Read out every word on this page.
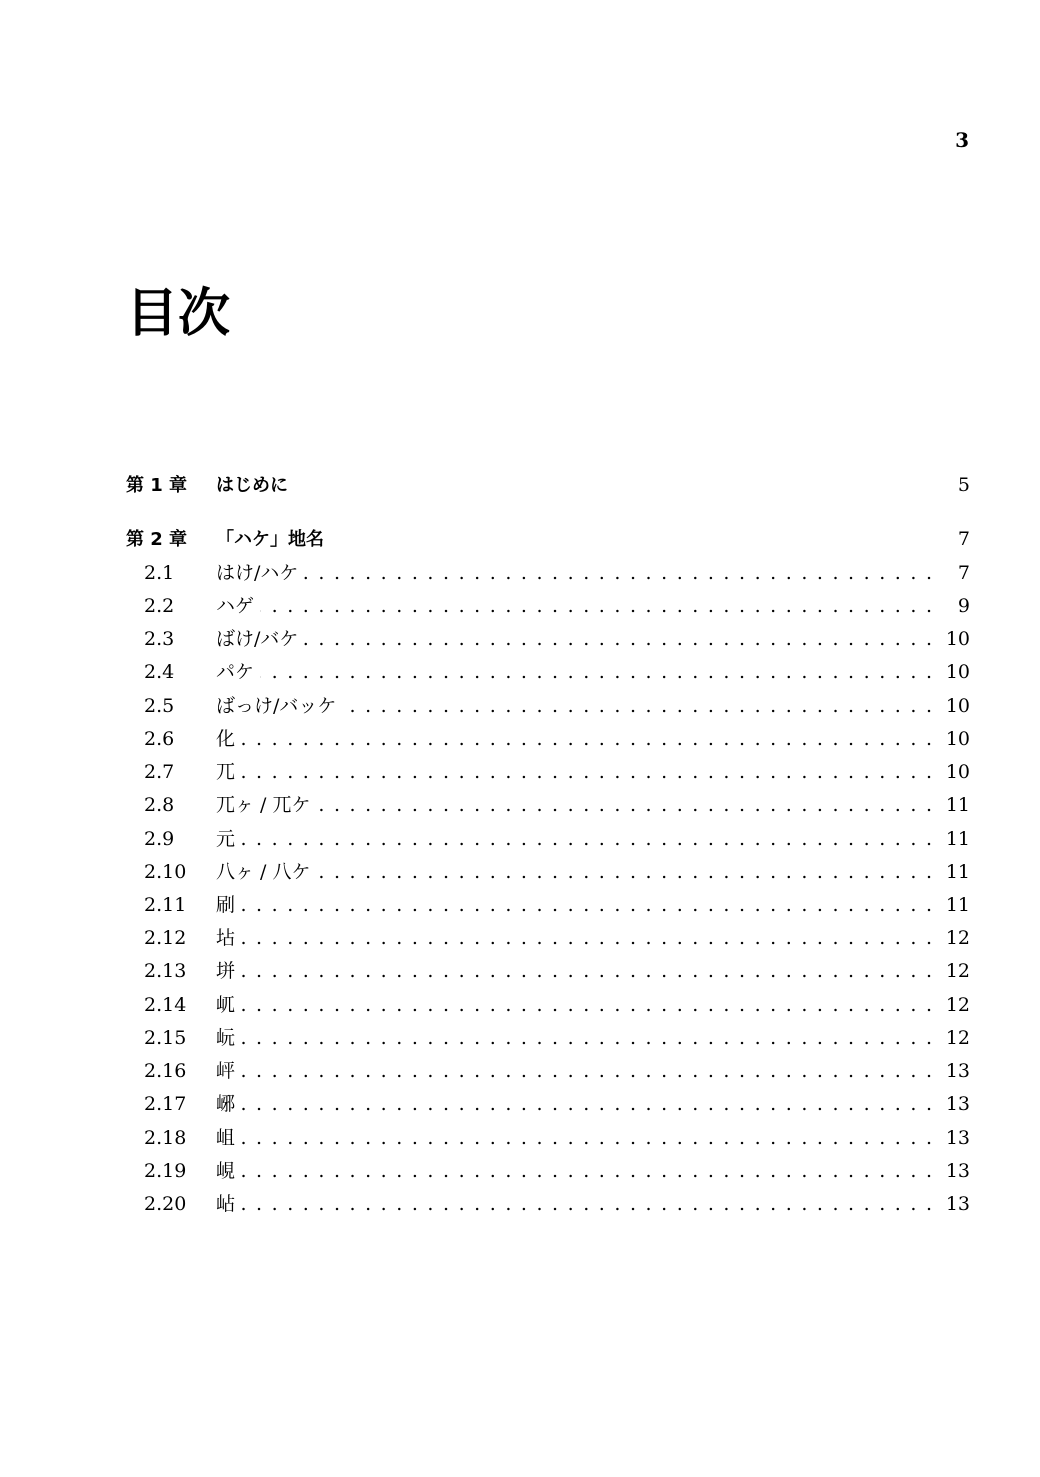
3
目次
第 1 章	はじめに	5
第 2 章	「ハケ」地名	7
2.1	はけ/ハケ . . .	7
2.2	ハゲ . . .	9
2.3	ばけ/バケ . . .	10
2.4	パケ . . .	10
2.5	ばっけ/バッケ . . .	10
2.6	化 . . .	10
2.7	兀 . . .	10
2.8	兀ヶ / 兀ケ . . .	11
2.9	元 . . .	11
2.10	八ヶ / 八ケ . . .	11
2.11	刷 . . .	11
2.12	坫 . . .	12
2.13	垪 . . .	12
2.14	屼 . . .	12
2.15	岏 . . .	12
2.16	岼 . . .	13
2.17	峫 . . .	13
2.18	岨 . . .	13
2.19	峴 . . .	13
2.20	岾 . . .	13
